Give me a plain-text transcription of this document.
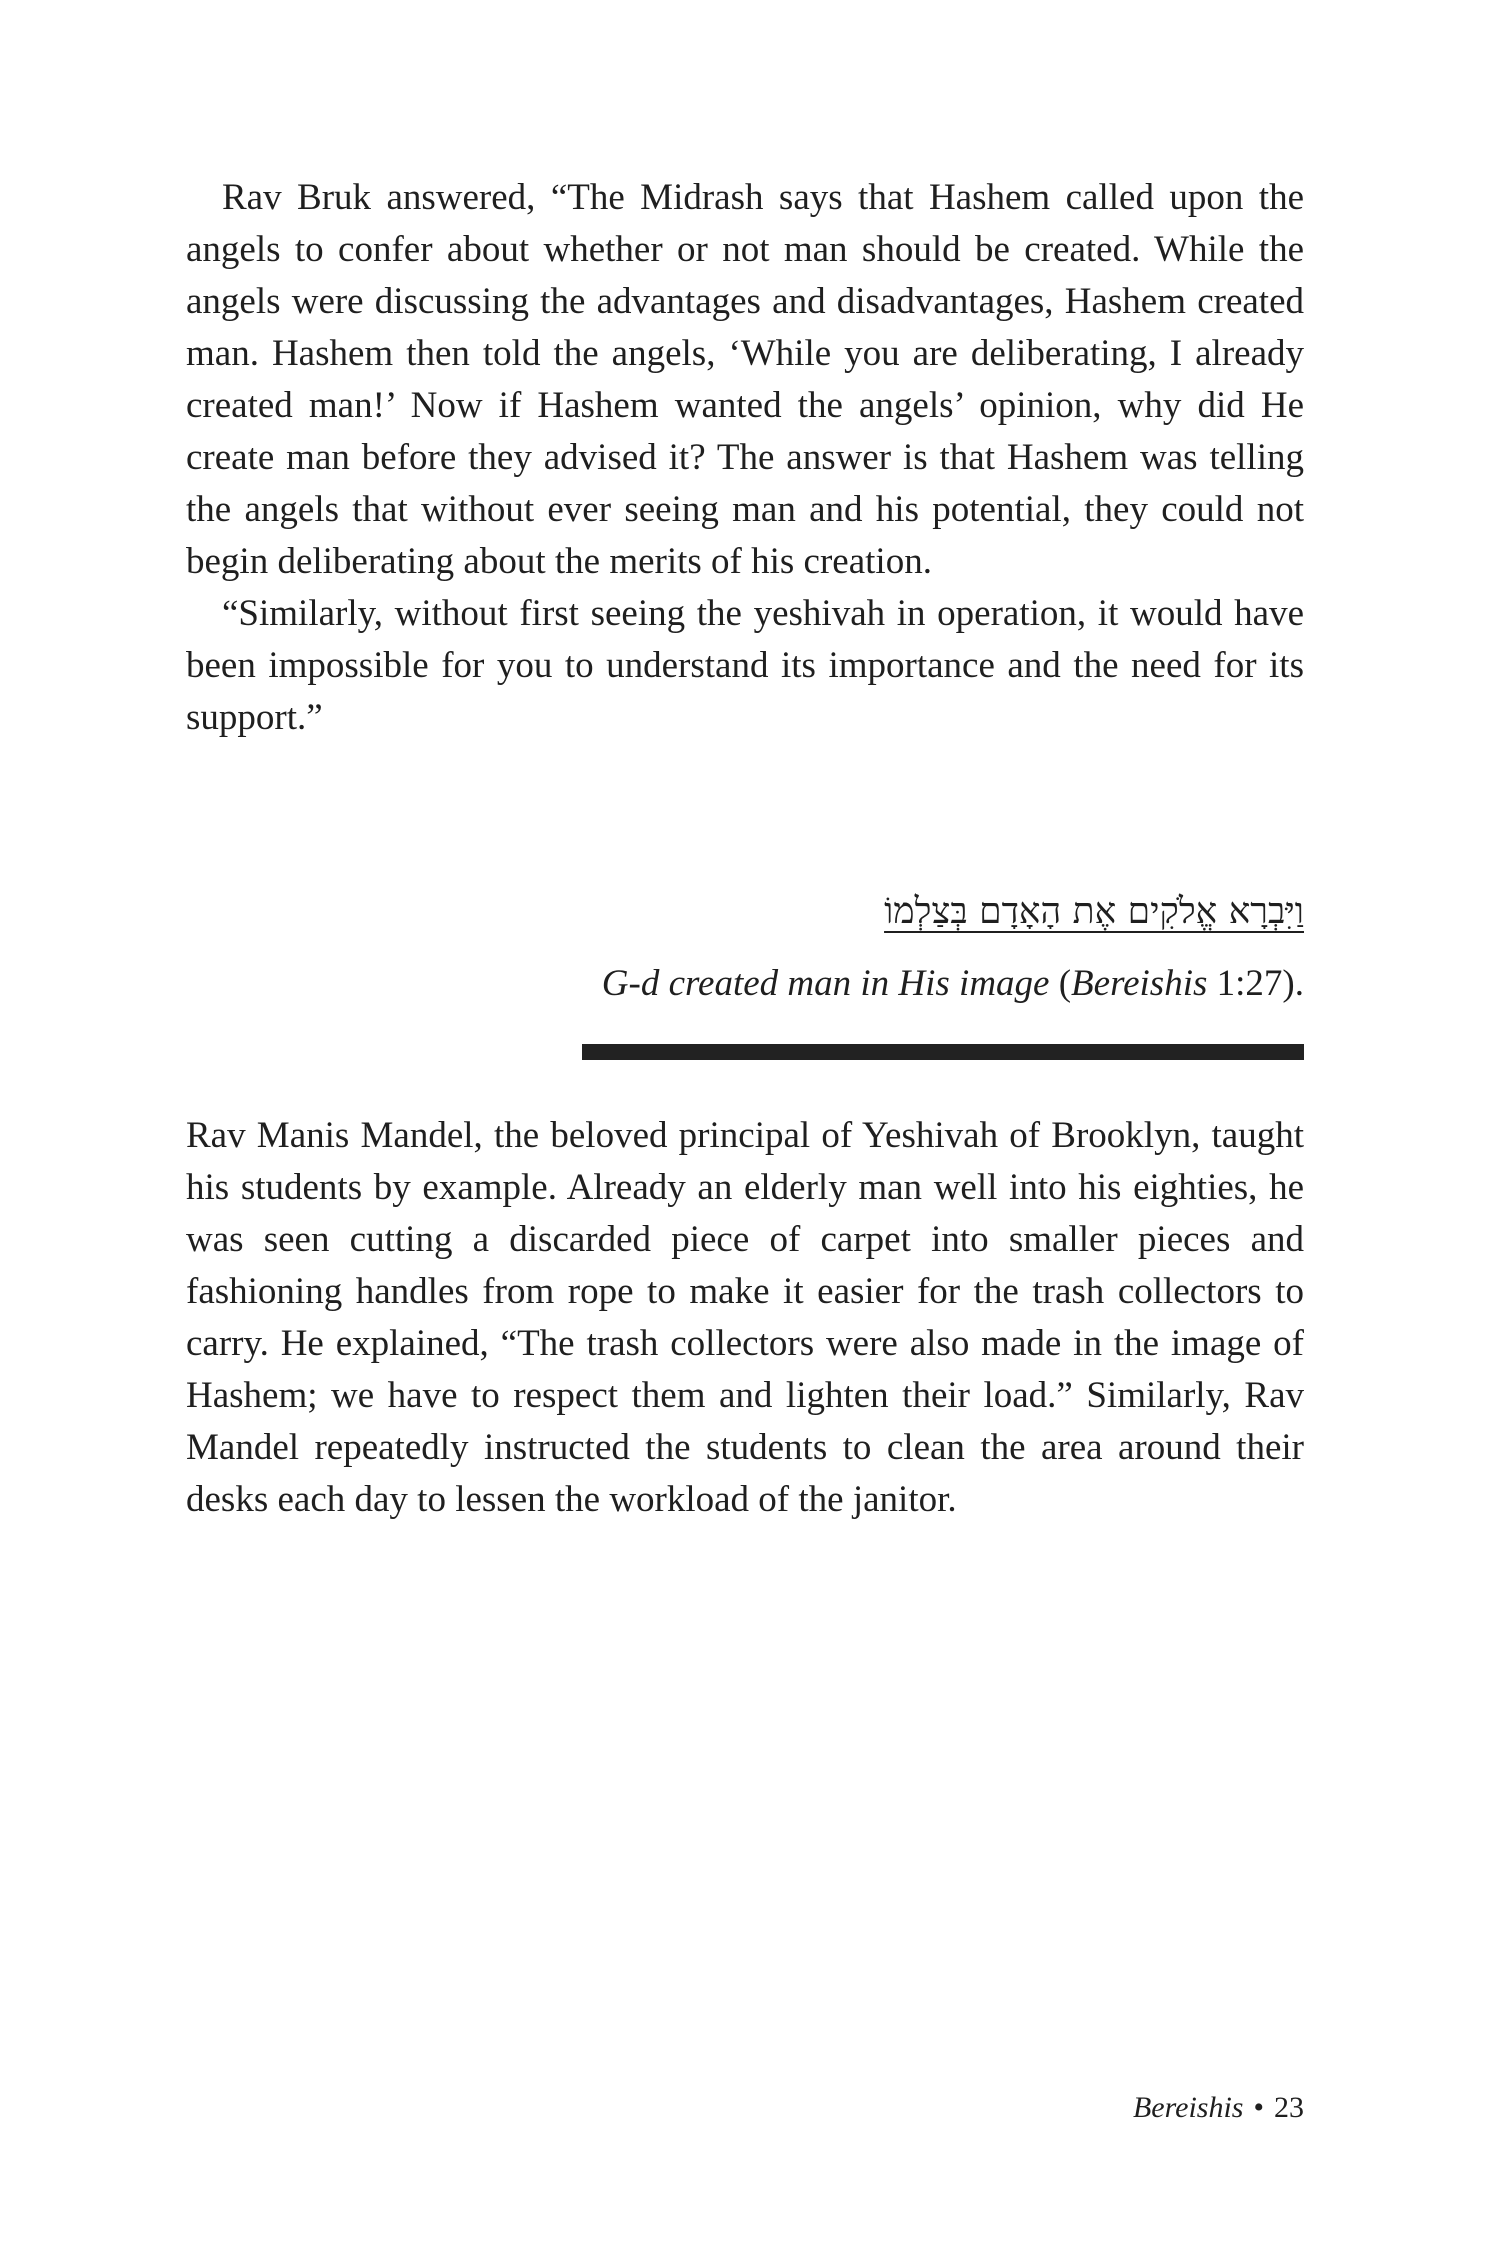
Rav Bruk answered, “The Midrash says that Hashem called upon the angels to confer about whether or not man should be created. While the angels were discussing the advantages and disadvantages, Hashem created man. Hashem then told the angels, ‘While you are deliberating, I already created man!’ Now if Hashem wanted the angels’ opinion, why did He create man before they advised it? The answer is that Hashem was telling the angels that without ever seeing man and his potential, they could not begin deliberating about the merits of his creation.

“Similarly, without first seeing the yeshivah in operation, it would have been impossible for you to understand its importance and the need for its support.”

וַיִּבְרָא אֱלֹקִים אֶת הָאָדָם בְּצַלְמוֹ

G-d created man in His image (Bereishis 1:27).

Rav Manis Mandel, the beloved principal of Yeshivah of Brooklyn, taught his students by example. Already an elderly man well into his eighties, he was seen cutting a discarded piece of carpet into smaller pieces and fashioning handles from rope to make it easier for the trash collectors to carry. He explained, “The trash collectors were also made in the image of Hashem; we have to respect them and lighten their load.” Similarly, Rav Mandel repeatedly instructed the students to clean the area around their desks each day to lessen the workload of the janitor.

Bereishis • 23
